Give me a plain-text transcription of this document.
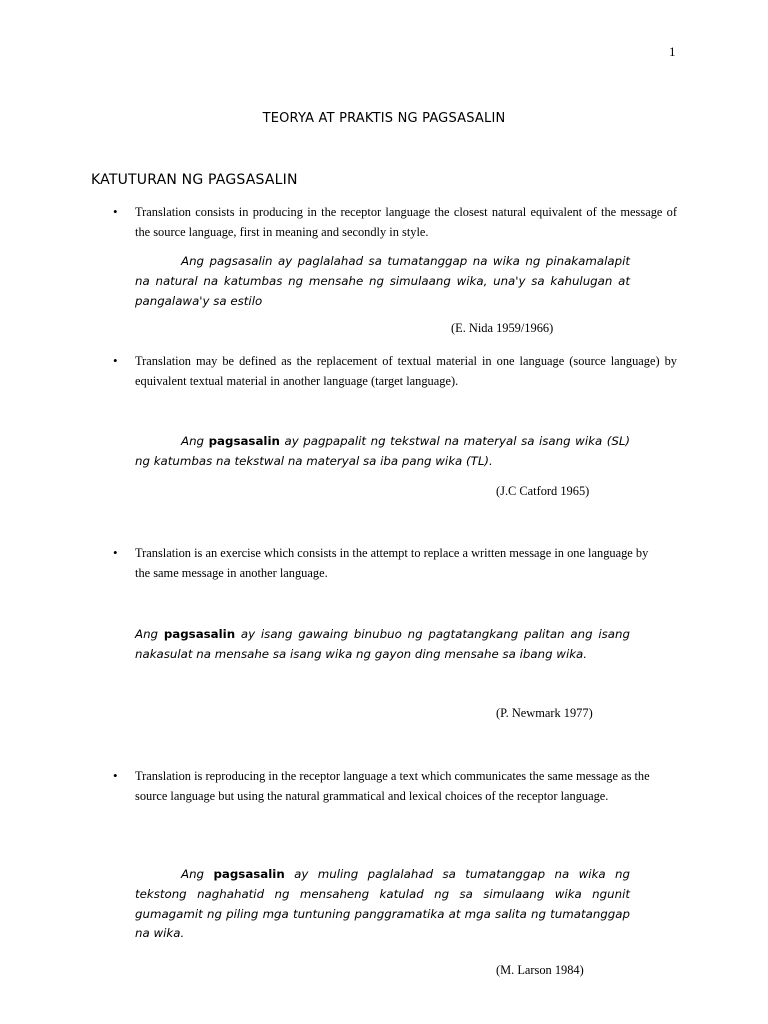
1
TEORYA AT PRAKTIS NG PAGSASALIN
KATUTURAN NG PAGSASALIN
• Translation consists in producing in the receptor language the closest natural equivalent of the message of the source language, first in meaning and secondly in style.
Ang pagsasalin ay paglalahad sa tumatanggap na wika ng pinakamalapit na natural na katumbas ng mensahe ng simulaang wika, una'y sa kahulugan at pangalawa'y sa estilo
(E. Nida 1959/1966)
• Translation may be defined as the replacement of textual material in one language (source language) by equivalent textual material in another language (target language).
Ang pagsasalin ay pagpapalit ng tekstwal na materyal sa isang wika (SL) ng katumbas na tekstwal na materyal sa iba pang wika (TL).
(J.C Catford 1965)
• Translation is an exercise which consists in the attempt to replace a written message in one language by the same message in another language.
Ang pagsasalin ay isang gawaing binubuo ng pagtatangkang palitan ang isang nakasulat na mensahe sa isang wika ng gayon ding mensahe sa ibang wika.
(P. Newmark 1977)
• Translation is reproducing in the receptor language a text which communicates the same message as the source language but using the natural grammatical and lexical choices of the receptor language.
Ang pagsasalin ay muling paglalahad sa tumatanggap na wika ng tekstong naghahatid ng mensaheng katulad ng sa simulaang wika ngunit gumagamit ng piling mga tuntuning panggramatika at mga salita ng tumatanggap na wika.
(M. Larson 1984)
